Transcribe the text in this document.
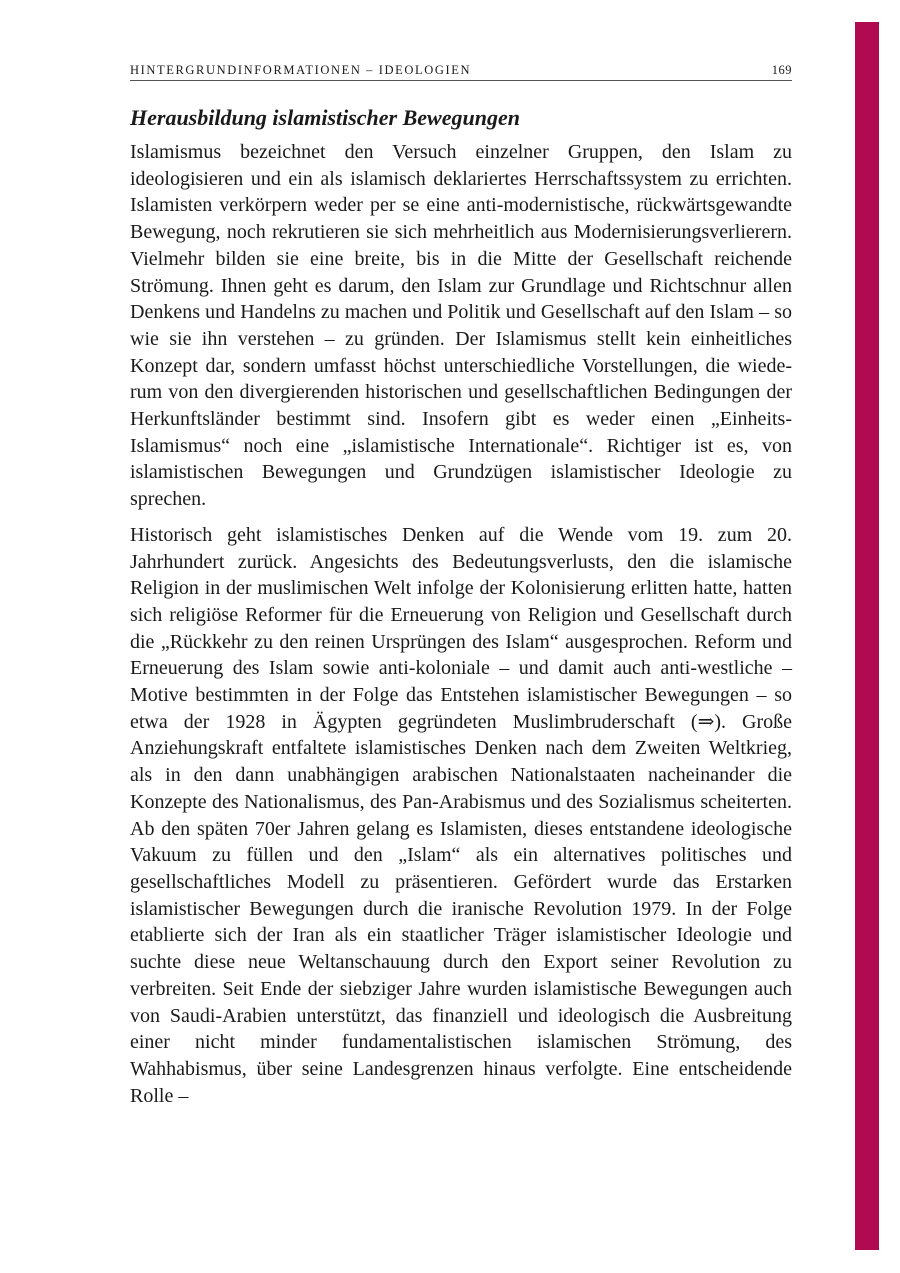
HINTERGRUNDINFORMATIONEN – IDEOLOGIEN	169
Herausbildung islamistischer Bewegungen

Islamismus bezeichnet den Versuch einzelner Gruppen, den Islam zu ideologisieren und ein als islamisch deklariertes Herrschaftssystem zu errichten. Islamisten verkörpern weder per se eine anti-modernistische, rückwärtsgewandte Bewegung, noch rekrutieren sie sich mehrheitlich aus Modernisierungsverlierern. Vielmehr bilden sie eine breite, bis in die Mitte der Gesellschaft reichende Strömung. Ihnen geht es darum, den Islam zur Grundlage und Richtschnur allen Denkens und Handelns zu machen und Politik und Gesellschaft auf den Islam – so wie sie ihn verstehen – zu gründen. Der Islamismus stellt kein einheitliches Konzept dar, sondern umfasst höchst unterschiedliche Vorstellungen, die wiederum von den divergierenden historischen und gesellschaftlichen Bedingungen der Herkunftsländer bestimmt sind. Insofern gibt es weder einen „Einheits-Islamismus“ noch eine „islamistische Internationale“. Richtiger ist es, von islamistischen Bewegungen und Grundzügen islamistischer Ideologie zu sprechen.

Historisch geht islamistisches Denken auf die Wende vom 19. zum 20. Jahrhundert zurück. Angesichts des Bedeutungsverlusts, den die islamische Religion in der muslimischen Welt infolge der Kolonisierung erlitten hatte, hatten sich religiöse Reformer für die Erneuerung von Religion und Gesellschaft durch die „Rückkehr zu den reinen Ursprüngen des Islam“ ausgesprochen. Reform und Erneuerung des Islam sowie anti-koloniale – und damit auch anti-westliche – Motive bestimmten in der Folge das Entstehen islamistischer Bewegungen – so etwa der 1928 in Ägypten gegründeten Muslimbruderschaft (⇒). Große Anziehungskraft entfaltete islamistisches Denken nach dem Zweiten Weltkrieg, als in den dann unabhängigen arabischen Nationalstaaten nacheinander die Konzepte des Nationalismus, des Pan-Arabismus und des Sozialismus scheiterten. Ab den späten 70er Jahren gelang es Islamisten, dieses entstandene ideologische Vakuum zu füllen und den „Islam“ als ein alternatives politisches und gesellschaftliches Modell zu präsentieren. Gefördert wurde das Erstarken islamistischer Bewegungen durch die iranische Revolution 1979. In der Folge etablierte sich der Iran als ein staatlicher Träger islamistischer Ideologie und suchte diese neue Weltanschauung durch den Export seiner Revolution zu verbreiten. Seit Ende der siebziger Jahre wurden islamistische Bewegungen auch von Saudi-Arabien unterstützt, das finanziell und ideologisch die Ausbreitung einer nicht minder fundamentalistischen islamischen Strömung, des Wahhabismus, über seine Landesgrenzen hinaus verfolgte. Eine entscheidende Rolle –
